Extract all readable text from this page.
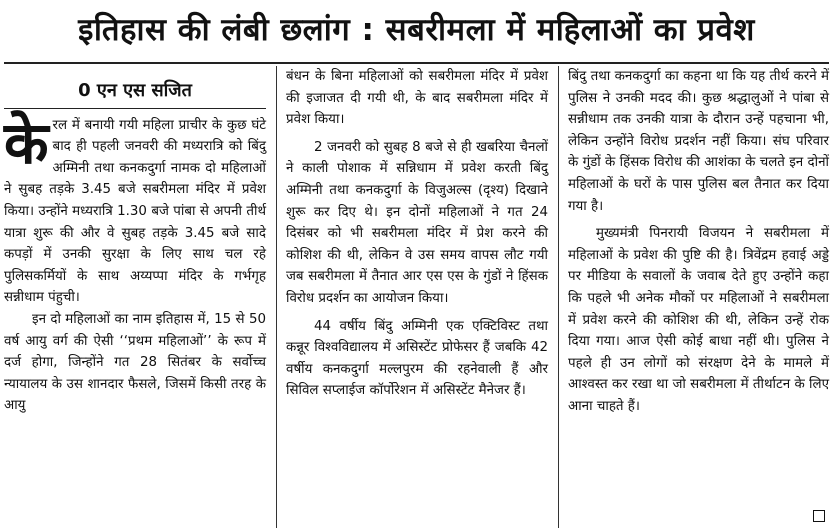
इतिहास की लंबी छलांग : सबरीमला में महिलाओं का प्रवेश
0 एन एस सजित

केरल में बनायी गयी महिला प्राचीर के कुछ घंटे बाद ही पहली जनवरी की मध्यरात्रि को बिंदु अम्मिनी तथा कनकदुर्गा नामक दो महिलाओं ने सुबह तड़के 3.45 बजे सबरीमला मंदिर में प्रवेश किया। उन्होंने मध्यरात्रि 1.30 बजे पांबा से अपनी तीर्थ यात्रा शुरू की और वे सुबह तड़के 3.45 बजे सादे कपड़ों में उनकी सुरक्षा के लिए साथ चल रहे पुलिसकर्मियों के साथ अय्यप्पा मंदिर के गर्भगृह सन्नीधाम पंहुची।

इन दो महिलाओं का नाम इतिहास में, 15 से 50 वर्ष आयु वर्ग की ऐसी ‘‘प्रथम महिलाओं’’ के रूप में दर्ज होगा, जिन्होंने गत 28 सितंबर के सर्वोच्च न्यायालय के उस शानदार फैसले, जिसमें किसी तरह के आयु

बंधन के बिना महिलाओं को सबरीमला मंदिर में प्रवेश की इजाजत दी गयी थी, के बाद सबरीमला मंदिर में प्रवेश किया।

2 जनवरी को सुबह 8 बजे से ही खबरिया चैनलों ने काली पोशाक में सन्निधाम में प्रवेश करती बिंदु अम्मिनी तथा कनकदुर्गा के विजुअल्स (दृश्य) दिखाने शुरू कर दिए थे। इन दोनों महिलाओं ने गत 24 दिसंबर को भी सबरीमला मंदिर में प्रेश करने की कोशिश की थी, लेकिन वे उस समय वापस लौट गयी जब सबरीमला में तैनात आर एस एस के गुंडों ने हिंसक विरोध प्रदर्शन का आयोजन किया।

44 वर्षीय बिंदु अम्मिनी एक एक्टिविस्ट तथा कन्नूर विश्वविद्यालय में असिस्टेंट प्रोफेसर हैं जबकि 42 वर्षीय कनकदुर्गा मल्लपुरम की रहनेवाली हैं और सिविल सप्लाईज कॉर्पोरेशन में असिस्टेंट मैनेजर हैं।

बिंदु तथा कनकदुर्गा का कहना था कि यह तीर्थ करने में पुलिस ने उनकी मदद की। कुछ श्रद्धालुओं ने पांबा से सन्नीधाम तक उनकी यात्रा के दौरान उन्हें पहचाना भी, लेकिन उन्होंने विरोध प्रदर्शन नहीं किया। संघ परिवार के गुंडों के हिंसक विरोध की आशंका के चलते इन दोनों महिलाओं के घरों के पास पुलिस बल तैनात कर दिया गया है।

मुख्यमंत्री पिनरायी विजयन ने सबरीमला में महिलाओं के प्रवेश की पुष्टि की है। त्रिवेंद्रम हवाई अड्डे पर मीडिया के सवालों के जवाब देते हुए उन्होंने कहा कि पहले भी अनेक मौकों पर महिलाओं ने सबरीमला में प्रवेश करने की कोशिश की थी, लेकिन उन्हें रोक दिया गया। आज ऐसी कोई बाधा नहीं थी। पुलिस ने पहले ही उन लोगों को संरक्षण देने के मामले में आश्वस्त कर रखा था जो सबरीमला में तीर्थाटन के लिए आना चाहते हैं।
